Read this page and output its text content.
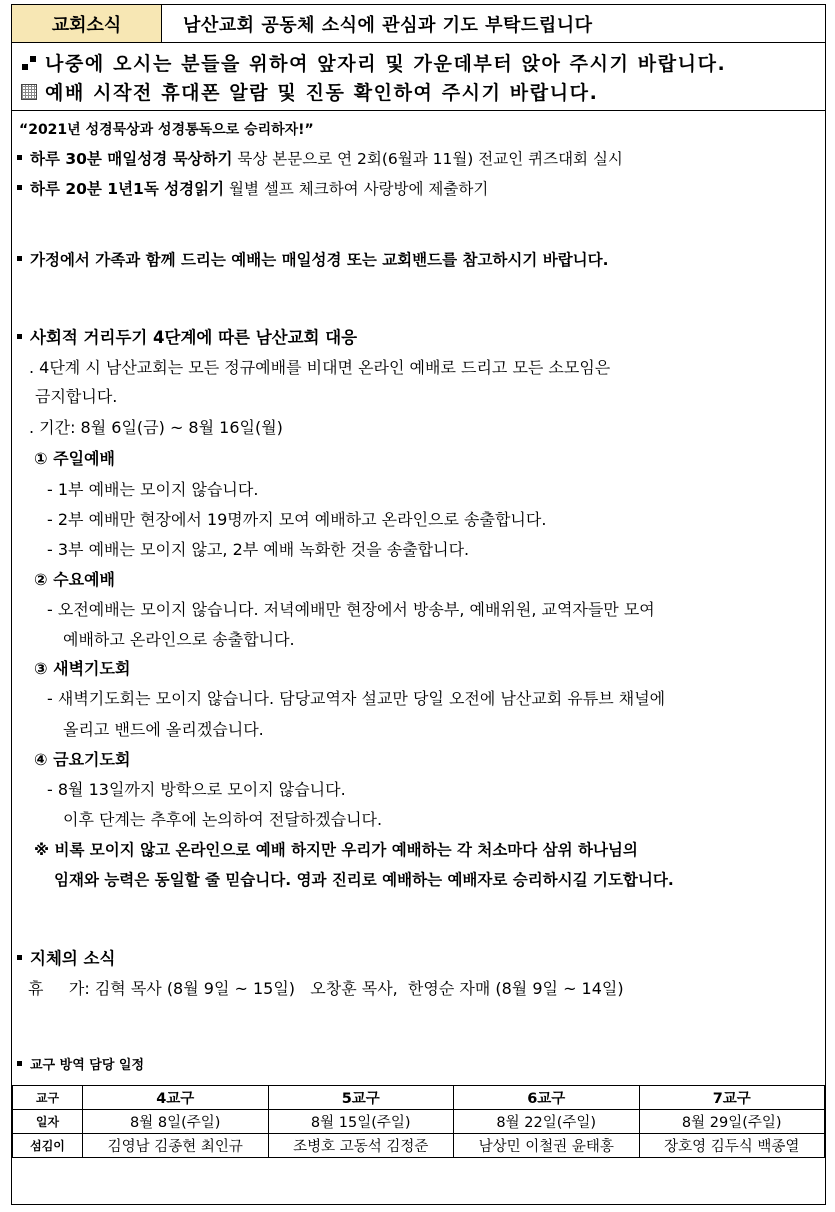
교회소식	남산교회 공동체 소식에 관심과 기도 부탁드립니다
나중에 오시는 분들을 위하여 앞자리 및 가운데부터 앉아 주시기 바랍니다.
예배 시작전 휴대폰 알람 및 진동 확인하여 주시기 바랍니다.
“2021년 성경묵상과 성경통독으로 승리하자!”
하루 30분 매일성경 묵상하기 묵상 본문으로 연 2회(6월과 11월) 전교인 퀴즈대회 실시
하루 20분 1년1독 성경읽기 월별 셀프 체크하여 사랑방에 제출하기
가정에서 가족과 함께 드리는 예배는 매일성경 또는 교회밴드를 참고하시기 바랍니다.
사회적 거리두기 4단계에 따른 남산교회 대응
. 4단계 시 남산교회는 모든 정규예배를 비대면 온라인 예배로 드리고 모든 소모임은
금지합니다.
. 기간: 8월 6일(금) ~ 8월 16일(월)
① 주일예배
- 1부 예배는 모이지 않습니다.
- 2부 예배만 현장에서 19명까지 모여 예배하고 온라인으로 송출합니다.
- 3부 예배는 모이지 않고, 2부 예배 녹화한 것을 송출합니다.
② 수요예배
- 오전예배는 모이지 않습니다. 저녁예배만 현장에서 방송부, 예배위원, 교역자들만 모여
예배하고 온라인으로 송출합니다.
③ 새벽기도회
- 새벽기도회는 모이지 않습니다. 담당교역자 설교만 당일 오전에 남산교회 유튜브 채널에
올리고 밴드에 올리겠습니다.
④ 금요기도회
- 8월 13일까지 방학으로 모이지 않습니다.
이후 단계는 추후에 논의하여 전달하겠습니다.
※ 비록 모이지 않고 온라인으로 예배 하지만 우리가 예배하는 각 처소마다 삼위 하나님의
임재와 능력은 동일할 줄 믿습니다. 영과 진리로 예배하는 예배자로 승리하시길 기도합니다.
지체의 소식
휴     가: 김혁 목사 (8월 9일 ~ 15일)   오창훈 목사,  한영순 자매 (8월 9일 ~ 14일)
교구 방역 담당 일정
교구	4교구	5교구	6교구	7교구
일자	8월 8일(주일)	8월 15일(주일)	8월 22일(주일)	8월 29일(주일)
섬김이	김영남 김종현 최인규	조병호 고동석 김정준	남상민 이철권 윤태홍	장호영 김두식 백종열
